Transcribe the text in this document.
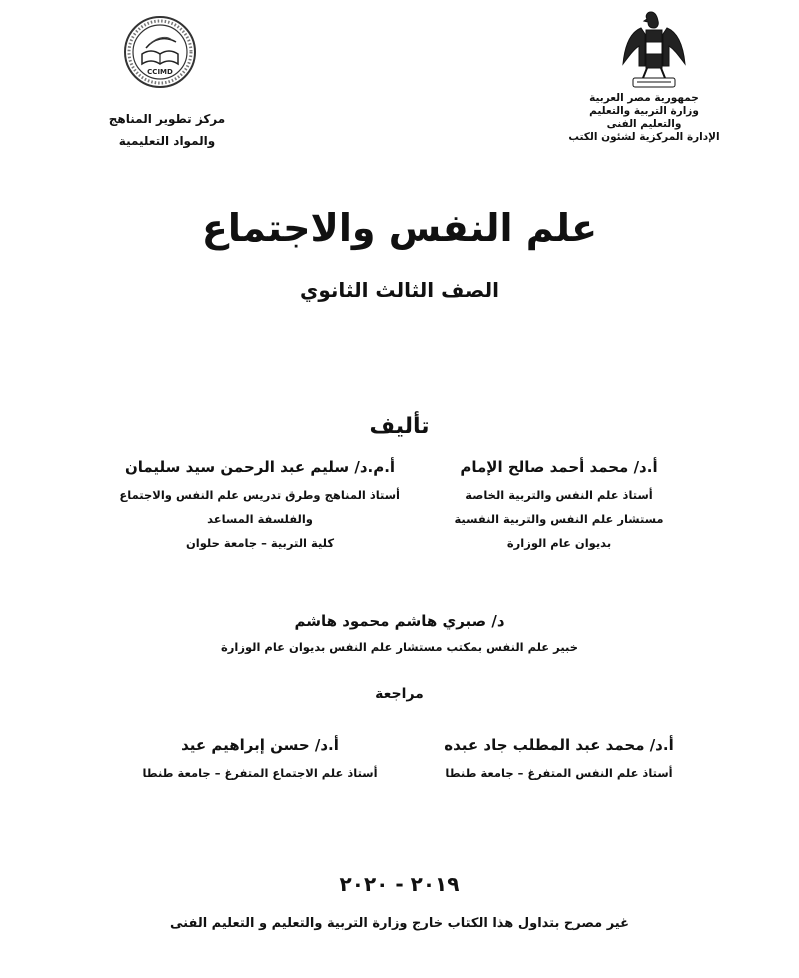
جمهورية مصر العربية
وزارة التربية والتعليم
والتعليم الفنى
الإدارة المركزية لشئون الكتب
CCIMD
مركز تطوير المناهج
والمواد التعليمية
علم النفس والاجتماع
الصف الثالث الثانوي
تأليف
أ.د/ محمد أحمد صالح الإمام
أستاذ علم النفس والتربية الخاصة
مستشار علم النفس والتربية النفسية
بديوان عام الوزارة
أ.م.د/ سليم عبد الرحمن سيد سليمان
أستاذ المناهج وطرق تدريس علم النفس والاجتماع
والفلسفة المساعد
كلية التربية – جامعة حلوان
د/ صبري هاشم محمود هاشم
خبير علم النفس بمكتب مستشار علم النفس بديوان عام الوزارة
مراجعة
أ.د/ محمد عبد المطلب جاد عبده
أستاذ علم النفس المتفرغ – جامعة طنطا
أ.د/ حسن إبراهيم عيد
أستاذ علم الاجتماع المتفرغ – جامعة طنطا
٢٠١٩ - ٢٠٢٠
غير مصرح بتداول هذا الكتاب خارج وزارة التربية والتعليم و التعليم الفنى
